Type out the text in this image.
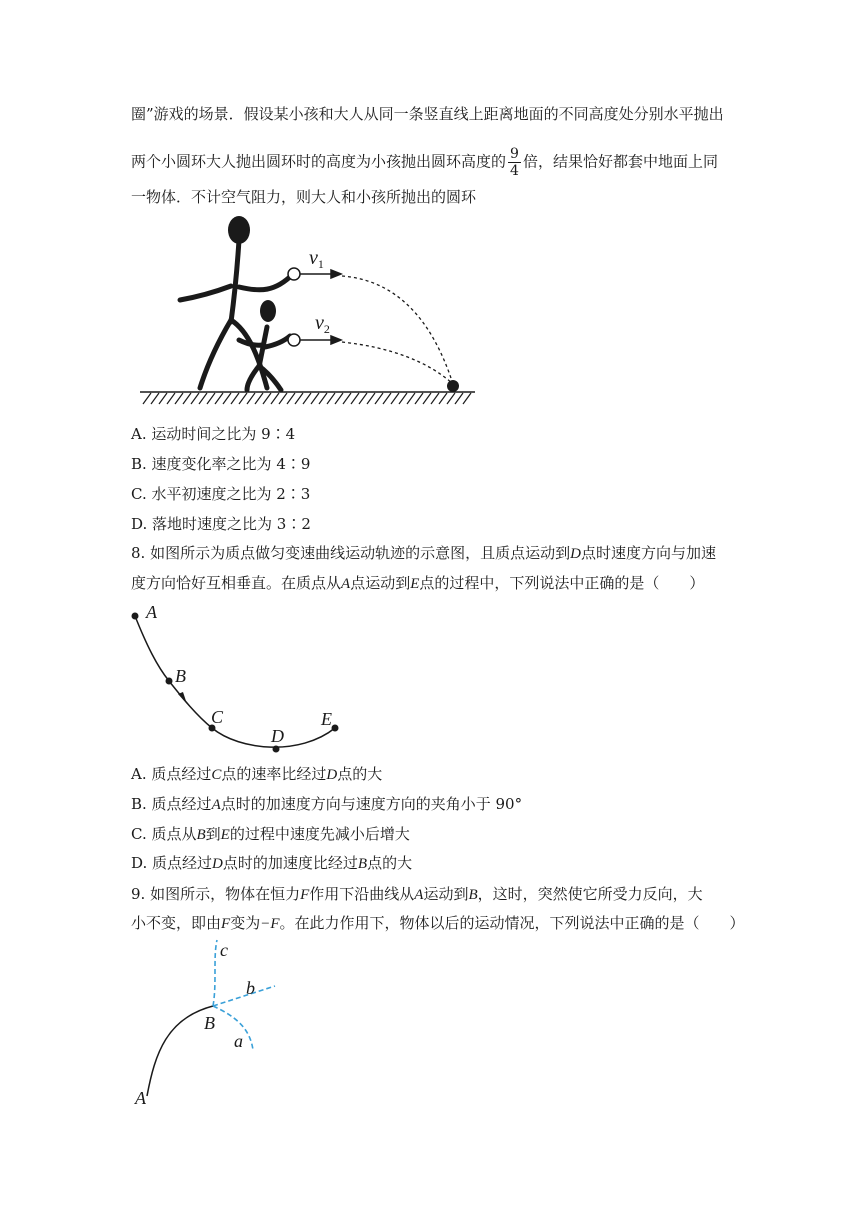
圈”游戏的场景．假设某小孩和大人从同一条竖直线上距离地面的不同高度处分别水平抛出
两个小圆环大人抛出圆环时的高度为小孩抛出圆环高度的 $\frac{9}{4}$ 倍，结果恰好都套中地面上同
一物体．不计空气阻力，则大人和小孩所抛出的圆环
$v_1$
$v_2$
A. 运动时间之比为 9∶4
B. 速度变化率之比为 4∶9
C. 水平初速度之比为 2∶3
D. 落地时速度之比为 3∶2
8. 如图所示为质点做匀变速曲线运动轨迹的示意图，且质点运动到D点时速度方向与加速
度方向恰好互相垂直。在质点从A点运动到E点的过程中，下列说法中正确的是（　　）
A
B
C
D
E
A. 质点经过C点的速率比经过D点的大
B. 质点经过A点时的加速度方向与速度方向的夹角小于 90°
C. 质点从B到E的过程中速度先减小后增大
D. 质点经过D点时的加速度比经过B点的大
9. 如图所示，物体在恒力F作用下沿曲线从A运动到B，这时，突然使它所受力反向，大
小不变，即由F变为−F。在此力作用下，物体以后的运动情况，下列说法中正确的是（　　）
A
B
a
b
c
